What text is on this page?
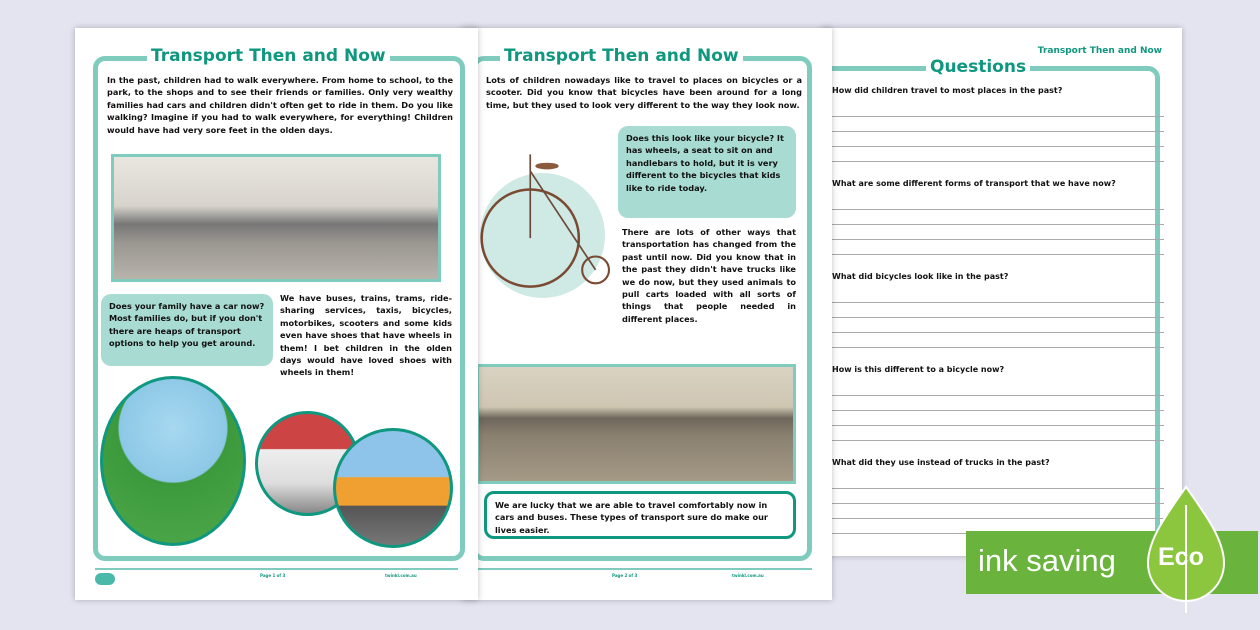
Transport Then and Now
Questions
How did children travel to most places in the past?
What are some different forms of transport that we have now?
What did bicycles look like in the past?
How is this different to a bicycle now?
What did they use instead of trucks in the past?
Transport Then and Now
Lots of children nowadays like to travel to places on bicycles or a scooter. Did you know that bicycles have been around for a long time, but they used to look very different to the way they look now.
Does this look like your bicycle? It has wheels, a seat to sit on and handlebars to hold, but it is very different to the bicycles that kids like to ride today.
There are lots of other ways that transportation has changed from the past until now. Did you know that in the past they didn't have trucks like we do now, but they used animals to pull carts loaded with all sorts of things that people needed in different places.
We are lucky that we are able to travel comfortably now in cars and buses. These types of transport sure do make our lives easier.
Page 2 of 3	twinkl.com.au
Transport Then and Now
In the past, children had to walk everywhere. From home to school, to the park, to the shops and to see their friends or families. Only very wealthy families had cars and children didn't often get to ride in them. Do you like walking? Imagine if you had to walk everywhere, for everything! Children would have had very sore feet in the olden days.
Does your family have a car now? Most families do, but if you don't there are heaps of transport options to help you get around.
We have buses, trains, trams, ride-sharing services, taxis, bicycles, motorbikes, scooters and some kids even have shoes that have wheels in them! I bet children in the olden days would have loved shoes with wheels in them!
Page 1 of 3	twinkl.com.au	ink saving Eco
